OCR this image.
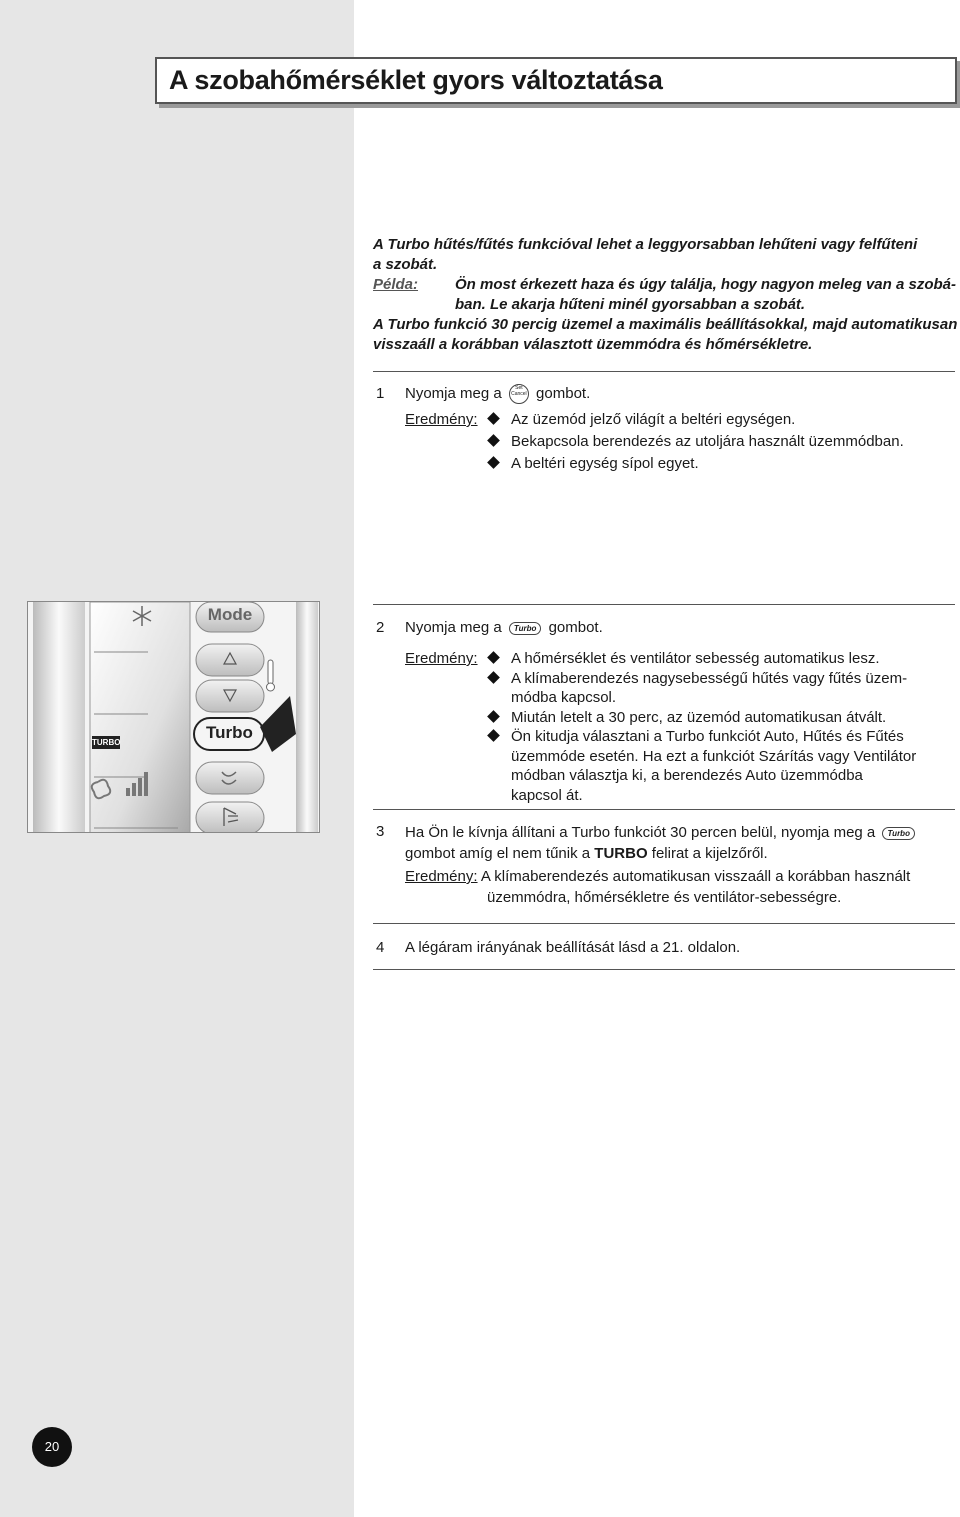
A szobahőmérséklet gyors változtatása

A Turbo hűtés/fűtés funkcióval lehet a leggyorsabban lehűteni vagy felfűteni

a szobát.

Példa:	Ön most érkezett haza és úgy találja, hogy nagyon meleg van a szobá-

ban. Le akarja hűteni minél gyorsabban a szobát.

A Turbo funkció 30 percig üzemel a maximális beállításokkal, majd automatikusan

visszaáll a korábban választott üzemmódra és hőmérsékletre.

1 Nyomja meg a	Set Cancel gombot.
Eredmény: Az üzemód jelző világít a beltéri egységen.
Bekapcsola berendezés az utoljára használt üzemmódban.
A beltéri egység sípol egyet.
Mode
Turbo
TURBO
2 Nyomja meg a Turbo gombot.
Eredmény: A hőmérséklet és ventilátor sebesség automatikus lesz.
A klímaberendezés nagysebességű hűtés vagy fűtés üzem-
módba kapcsol.
Miután letelt a 30 perc, az üzemód automatikusan átvált.
Ön kitudja választani a Turbo funkciót Auto, Hűtés és Fűtés
üzemmóde esetén. Ha ezt a funkciót Szárítás vagy Ventilátor
módban választja ki, a berendezés Auto üzemmódba
kapcsol át.
3 Ha Ön le kívnja állítani a Turbo funkciót 30 percen belül, nyomja meg a Turbo
gombot amíg el nem tűnik a TURBO felirat a kijelzőről.
Eredmény: A klímaberendezés automatikusan visszaáll a korábban használt
üzemmódra, hőmérsékletre és ventilátor-sebességre.
4 A légáram irányának beállítását lásd a 21. oldalon.
20
